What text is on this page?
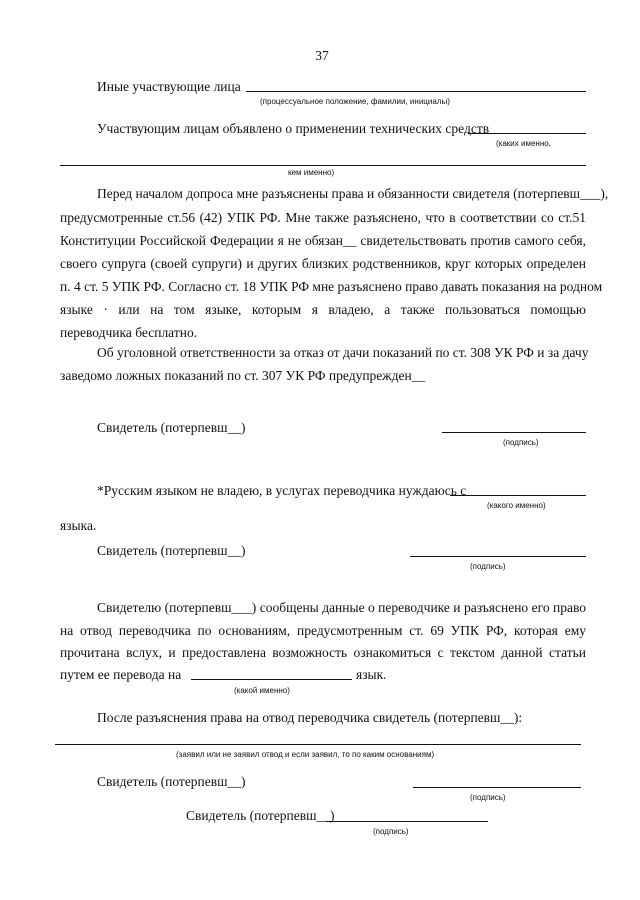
37
Иные участвующие лица
(процессуальное положение, фамилии, инициалы)
Участвующим лицам объявлено о применении технических средств
(каких именно,
кем именно)
Перед началом допроса мне разъяснены права и обязанности свидетеля (потерпевш___),
предусмотренные ст.56 (42) УПК РФ. Мне также разъяснено, что в соответствии со ст.51
Конституции Российской Федерации я не обязан__ свидетельствовать против самого себя,
своего супруга (своей супруги) и других близких родственников, круг которых определен
п. 4 ст. 5 УПК РФ. Согласно ст. 18 УПК РФ мне разъяснено право давать показания на родном
языке · или на том языке, которым я владею, а также пользоваться помощью
переводчика бесплатно.
Об уголовной ответственности за отказ от дачи показаний по ст. 308 УК РФ и за дачу
заведомо ложных показаний по ст. 307 УК РФ предупрежден__
Свидетель (потерпевш__)
(подпись)
*Русским языком не владею, в услугах переводчика нуждаюсь с
(какого именно)
языка.
Свидетель (потерпевш__)
(подпись)
Свидетелю (потерпевш___) сообщены данные о переводчике и разъяснено его право
на отвод переводчика по основаниям, предусмотренным ст. 69 УПК РФ, которая ему
прочитана вслух, и предоставлена возможность ознакомиться с текстом данной статьи
путем ее перевода на	язык.
(какой именно)
После разъяснения права на отвод переводчика свидетель (потерпевш__):
(заявил или не заявил отвод и если заявил, то по каким основаниям)
Свидетель (потерпевш__)
(подпись)
Свидетель (потерпевш__)
(подпись)
